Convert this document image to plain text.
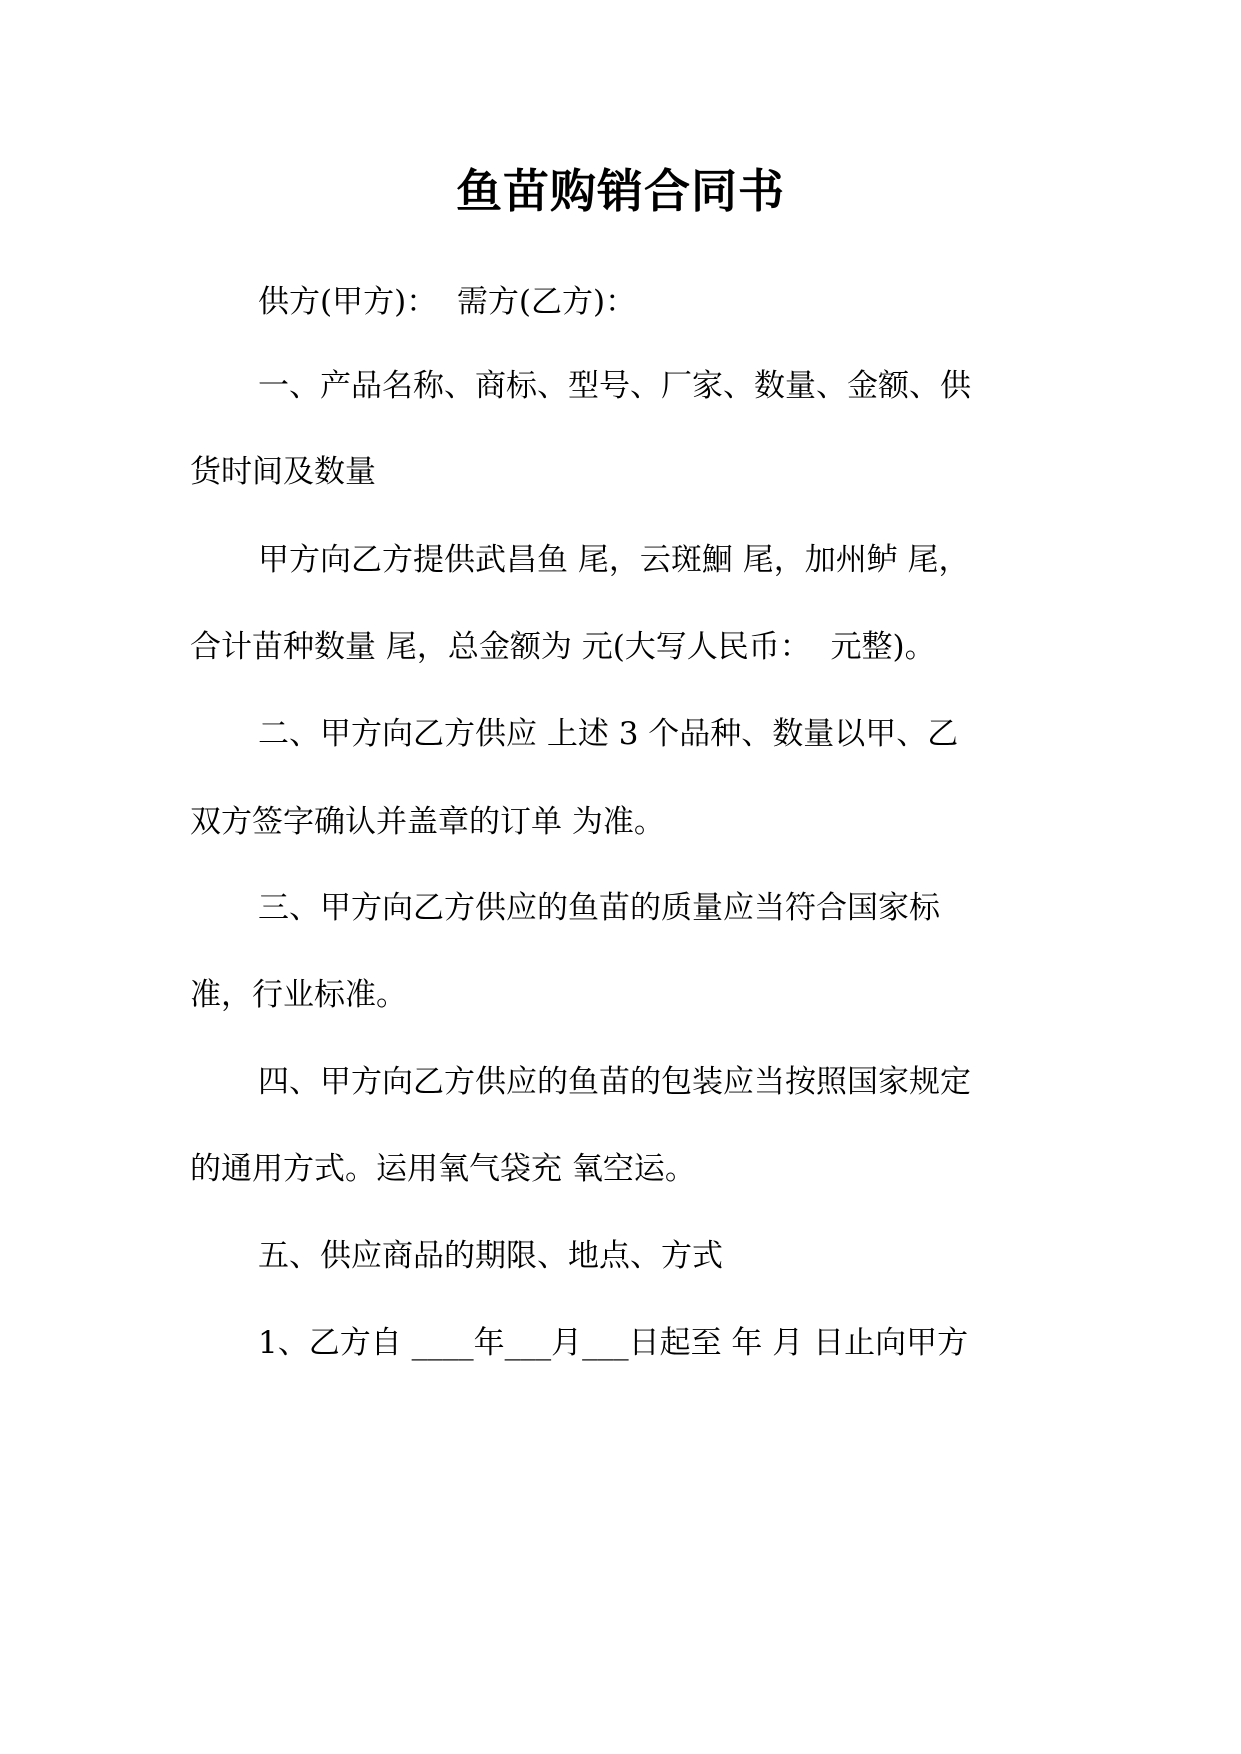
鱼苗购销合同书

供方(甲方)：  需方(乙方)：

一、产品名称、商标、型号、厂家、数量、金额、供

货时间及数量

甲方向乙方提供武昌鱼 尾，云斑鮰 尾，加州鲈 尾，

合计苗种数量 尾，总金额为 元(大写人民币：  元整)。

二、甲方向乙方供应 上述 3 个品种、数量以甲、乙

双方签字确认并盖章的订单 为准。

三、甲方向乙方供应的鱼苗的质量应当符合国家标

准，行业标准。

四、甲方向乙方供应的鱼苗的包装应当按照国家规定

的通用方式。运用氧气袋充 氧空运。

五、供应商品的期限、地点、方式

1、乙方自 ____年___月___日起至 年 月 日止向甲方
